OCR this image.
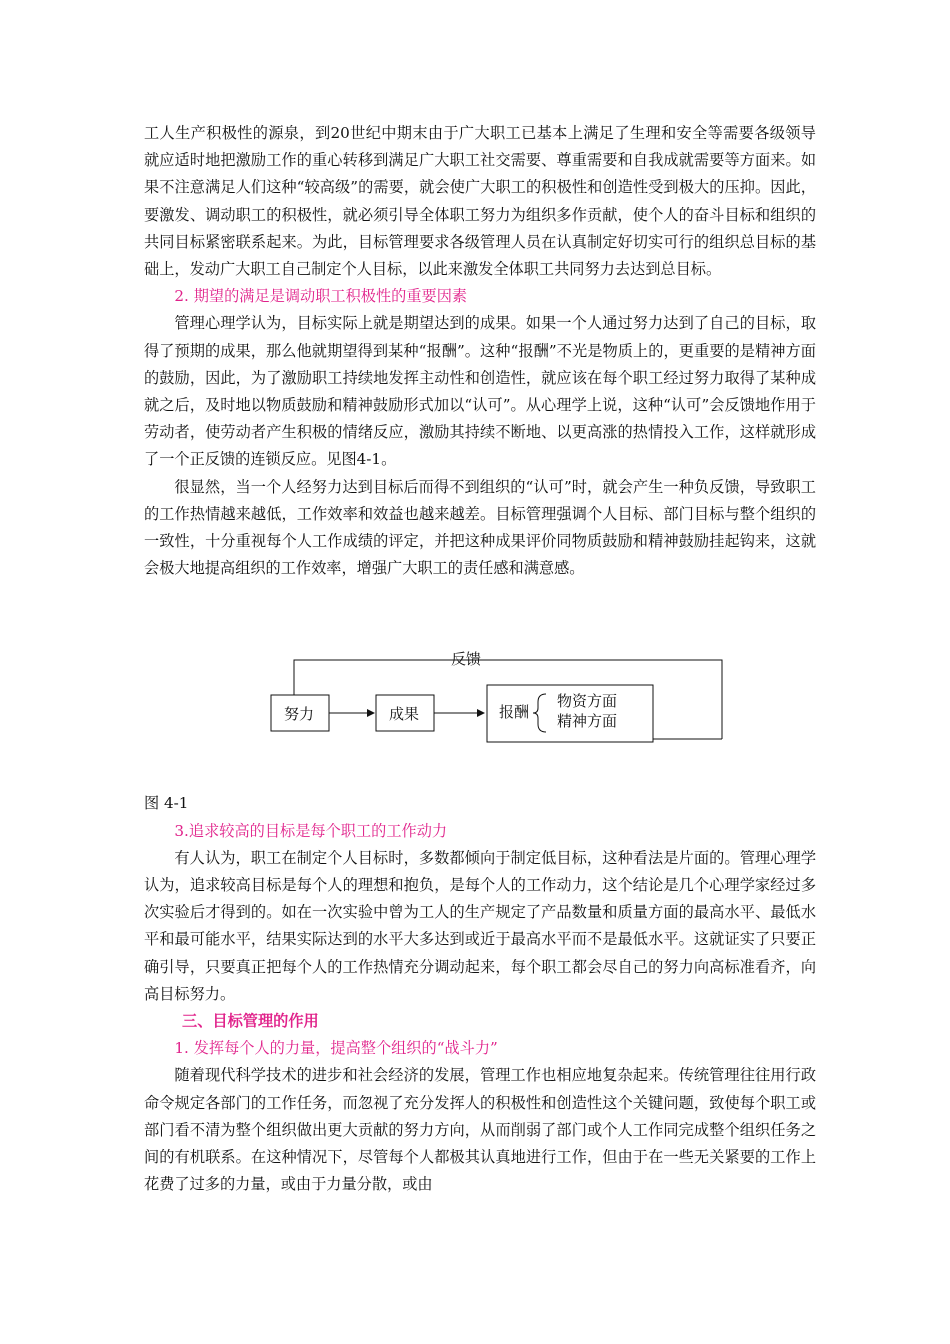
工人生产积极性的源泉，到20世纪中期末由于广大职工已基本上满足了生理和安全等需要各级领导就应适时地把激励工作的重心转移到满足广大职工社交需要、尊重需要和自我成就需要等方面来。如果不注意满足人们这种“较高级”的需要，就会使广大职工的积极性和创造性受到极大的压抑。因此，要激发、调动职工的积极性，就必须引导全体职工努力为组织多作贡献，使个人的奋斗目标和组织的共同目标紧密联系起来。为此，目标管理要求各级管理人员在认真制定好切实可行的组织总目标的基础上，发动广大职工自己制定个人目标，以此来激发全体职工共同努力去达到总目标。

2. 期望的满足是调动职工积极性的重要因素

管理心理学认为，目标实际上就是期望达到的成果。如果一个人通过努力达到了自己的目标，取得了预期的成果，那么他就期望得到某种“报酬”。这种“报酬”不光是物质上的，更重要的是精神方面的鼓励，因此，为了激励职工持续地发挥主动性和创造性，就应该在每个职工经过努力取得了某种成就之后，及时地以物质鼓励和精神鼓励形式加以“认可”。从心理学上说，这种“认可”会反馈地作用于劳动者，使劳动者产生积极的情绪反应，激励其持续不断地、以更高涨的热情投入工作，这样就形成了一个正反馈的连锁反应。见图4-1。

很显然，当一个人经努力达到目标后而得不到组织的“认可”时，就会产生一种负反馈，导致职工的工作热情越来越低，工作效率和效益也越来越差。目标管理强调个人目标、部门目标与整个组织的一致性，十分重视每个人工作成绩的评定，并把这种成果评价同物质鼓励和精神鼓励挂起钩来，这就会极大地提高组织的工作效率，增强广大职工的责任感和满意感。

反馈
努力	成果	报酬
物资方面
精神方面

图 4-1

3.追求较高的目标是每个职工的工作动力

有人认为，职工在制定个人目标时，多数都倾向于制定低目标，这种看法是片面的。管理心理学认为，追求较高目标是每个人的理想和抱负，是每个人的工作动力，这个结论是几个心理学家经过多次实验后才得到的。如在一次实验中曾为工人的生产规定了产品数量和质量方面的最高水平、最低水平和最可能水平，结果实际达到的水平大多达到或近于最高水平而不是最低水平。这就证实了只要正确引导，只要真正把每个人的工作热情充分调动起来，每个职工都会尽自己的努力向高标准看齐，向高目标努力。

三、目标管理的作用

1. 发挥每个人的力量，提高整个组织的“战斗力”

随着现代科学技术的进步和社会经济的发展，管理工作也相应地复杂起来。传统管理往往用行政命令规定各部门的工作任务，而忽视了充分发挥人的积极性和创造性这个关键问题，致使每个职工或部门看不清为整个组织做出更大贡献的努力方向，从而削弱了部门或个人工作同完成整个组织任务之间的有机联系。在这种情况下，尽管每个人都极其认真地进行工作，但由于在一些无关紧要的工作上花费了过多的力量，或由于力量分散，或由
